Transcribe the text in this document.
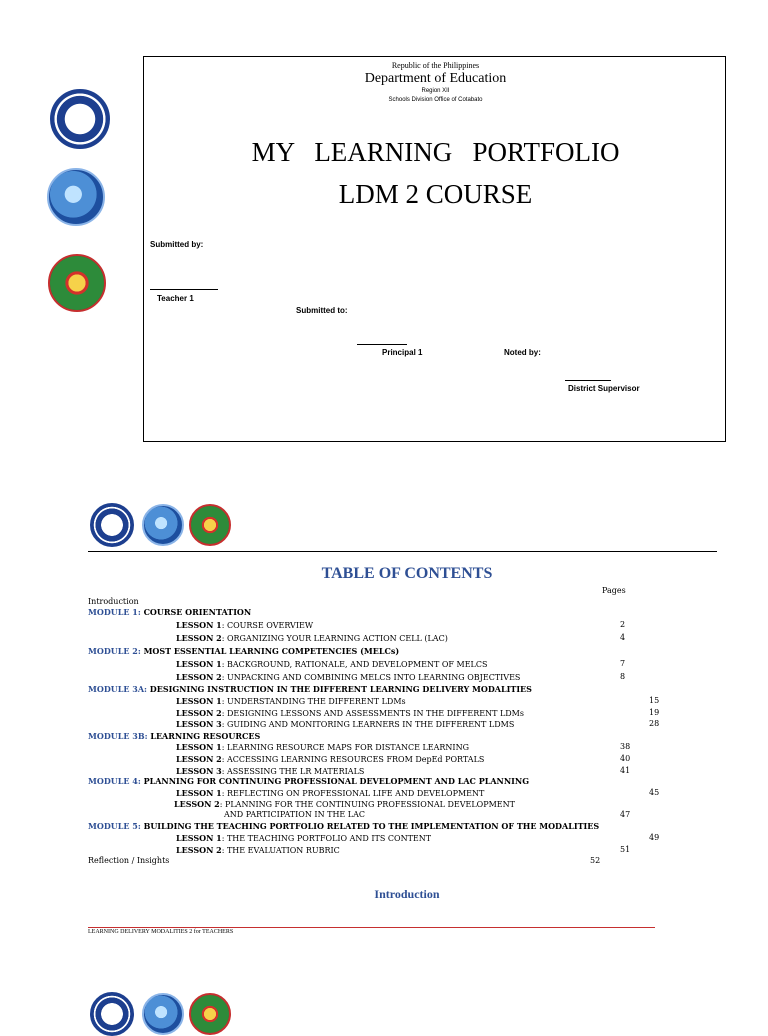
Republic of the Philippines
Department of Education
Region XII
Schools Division Office of Cotabato
MY   LEARNING   PORTFOLIO
LDM 2 COURSE
Submitted by:
Teacher 1
Submitted to:
Principal 1	Noted by:
District Supervisor
TABLE OF CONTENTS
Pages
Introduction
MODULE 1: COURSE ORIENTATION
LESSON 1: COURSE OVERVIEW	2
LESSON 2: ORGANIZING YOUR LEARNING ACTION CELL (LAC)	4
MODULE 2: MOST ESSENTIAL LEARNING COMPETENCIES (MELCs)
LESSON 1: BACKGROUND, RATIONALE, AND DEVELOPMENT OF MELCS	7
LESSON 2: UNPACKING AND COMBINING MELCS INTO LEARNING OBJECTIVES	8
MODULE 3A: DESIGNING INSTRUCTION IN THE DIFFERENT LEARNING DELIVERY MODALITIES
LESSON 1: UNDERSTANDING THE DIFFERENT LDMs	15
LESSON 2: DESIGNING LESSONS AND ASSESSMENTS IN THE DIFFERENT LDMs	19
LESSON 3: GUIDING AND MONITORING LEARNERS IN THE DIFFERENT LDMS	28
MODULE 3B: LEARNING RESOURCES
LESSON 1: LEARNING RESOURCE MAPS FOR DISTANCE LEARNING	38
LESSON 2: ACCESSING LEARNING RESOURCES FROM DepEd PORTALS	40
LESSON 3: ASSESSING THE LR MATERIALS	41
MODULE 4: PLANNING FOR CONTINUING PROFESSIONAL DEVELOPMENT AND LAC PLANNING
LESSON 1: REFLECTING ON PROFESSIONAL LIFE AND DEVELOPMENT	45
LESSON 2: PLANNING FOR THE CONTINUING PROFESSIONAL DEVELOPMENT
AND PARTICIPATION IN THE LAC	47
MODULE 5: BUILDING THE TEACHING PORTFOLIO RELATED TO THE IMPLEMENTATION OF THE MODALITIES
LESSON 1: THE TEACHING PORTFOLIO AND ITS CONTENT	49
LESSON 2: THE EVALUATION RUBRIC	51
Reflection / Insights	52
Introduction
LEARNING DELIVERY MODALITIES 2 for TEACHERS
